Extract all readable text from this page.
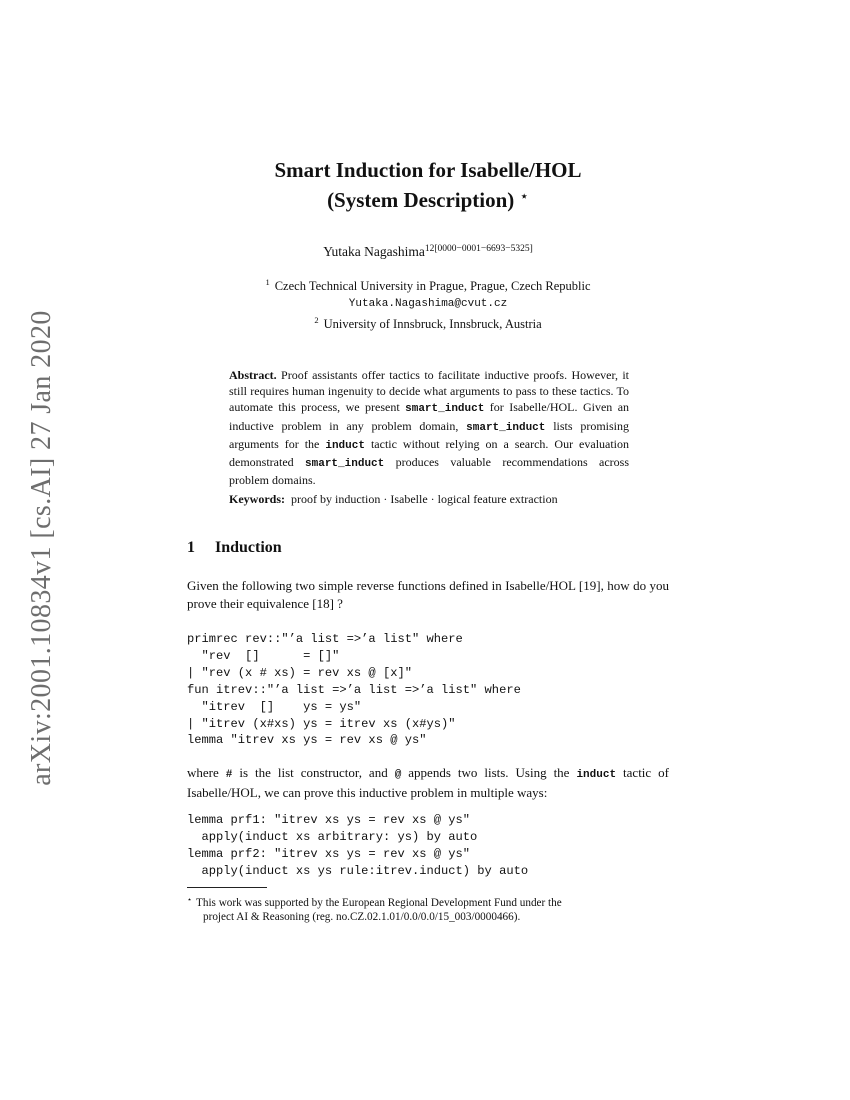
arXiv:2001.10834v1 [cs.AI] 27 Jan 2020
Smart Induction for Isabelle/HOL
(System Description) ⋆
Yutaka Nagashima$^{12[0000-0001-6693-5325]}$
$^1$ Czech Technical University in Prague, Prague, Czech Republic
Yutaka.Nagashima@cvut.cz
$^2$ University of Innsbruck, Innsbruck, Austria
Abstract. Proof assistants offer tactics to facilitate inductive proofs. However, it still requires human ingenuity to decide what arguments to pass to these tactics. To automate this process, we present smart_induct for Isabelle/HOL. Given an inductive problem in any problem domain, smart_induct lists promising arguments for the induct tactic without relying on a search. Our evaluation demonstrated smart_induct produces valuable recommendations across problem domains.
Keywords: proof by induction · Isabelle · logical feature extraction
1 Induction
Given the following two simple reverse functions defined in Isabelle/HOL [19], how do you prove their equivalence [18] ?
primrec rev::"’a list =>’a list" where
"rev  []      = []"
| "rev (x # xs) = rev xs @ [x]"
fun itrev::"’a list =>’a list =>’a list" where
"itrev  []    ys = ys"
| "itrev (x#xs) ys = itrev xs (x#ys)"
lemma "itrev xs ys = rev xs @ ys"
where # is the list constructor, and @ appends two lists. Using the induct tactic of Isabelle/HOL, we can prove this inductive problem in multiple ways:
lemma prf1: "itrev xs ys = rev xs @ ys"
apply(induct xs arbitrary: ys) by auto
lemma prf2: "itrev xs ys = rev xs @ ys"
apply(induct xs ys rule:itrev.induct) by auto
⋆ This work was supported by the European Regional Development Fund under the
project AI & Reasoning (reg. no.CZ.02.1.01/0.0/0.0/15_003/0000466).
